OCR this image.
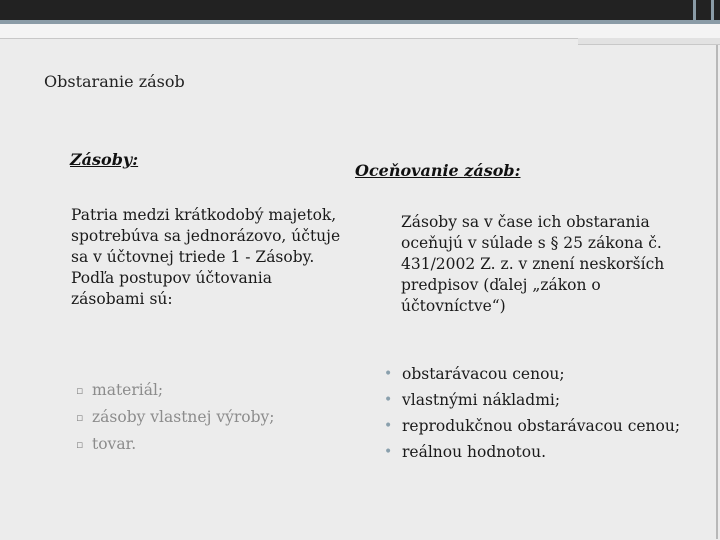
Obstaranie zásob
Zásoby:
Patria medzi krátkodobý majetok, spotrebúva sa jednorázovo, účtuje sa v účtovnej triede 1 - Zásoby. Podľa postupov účtovania zásobami sú:
▫ materiál;
▫ zásoby vlastnej výroby;
▫ tovar.
Oceňovanie zásob:
Zásoby sa v čase ich obstarania oceňujú v súlade s § 25 zákona č. 431/2002 Z. z. v znení neskorších predpisov (ďalej „zákon o účtovníctve“)
• obstarávacou cenou;
• vlastnými nákladmi;
• reprodukčnou obstarávacou cenou;
• reálnou hodnotou.
